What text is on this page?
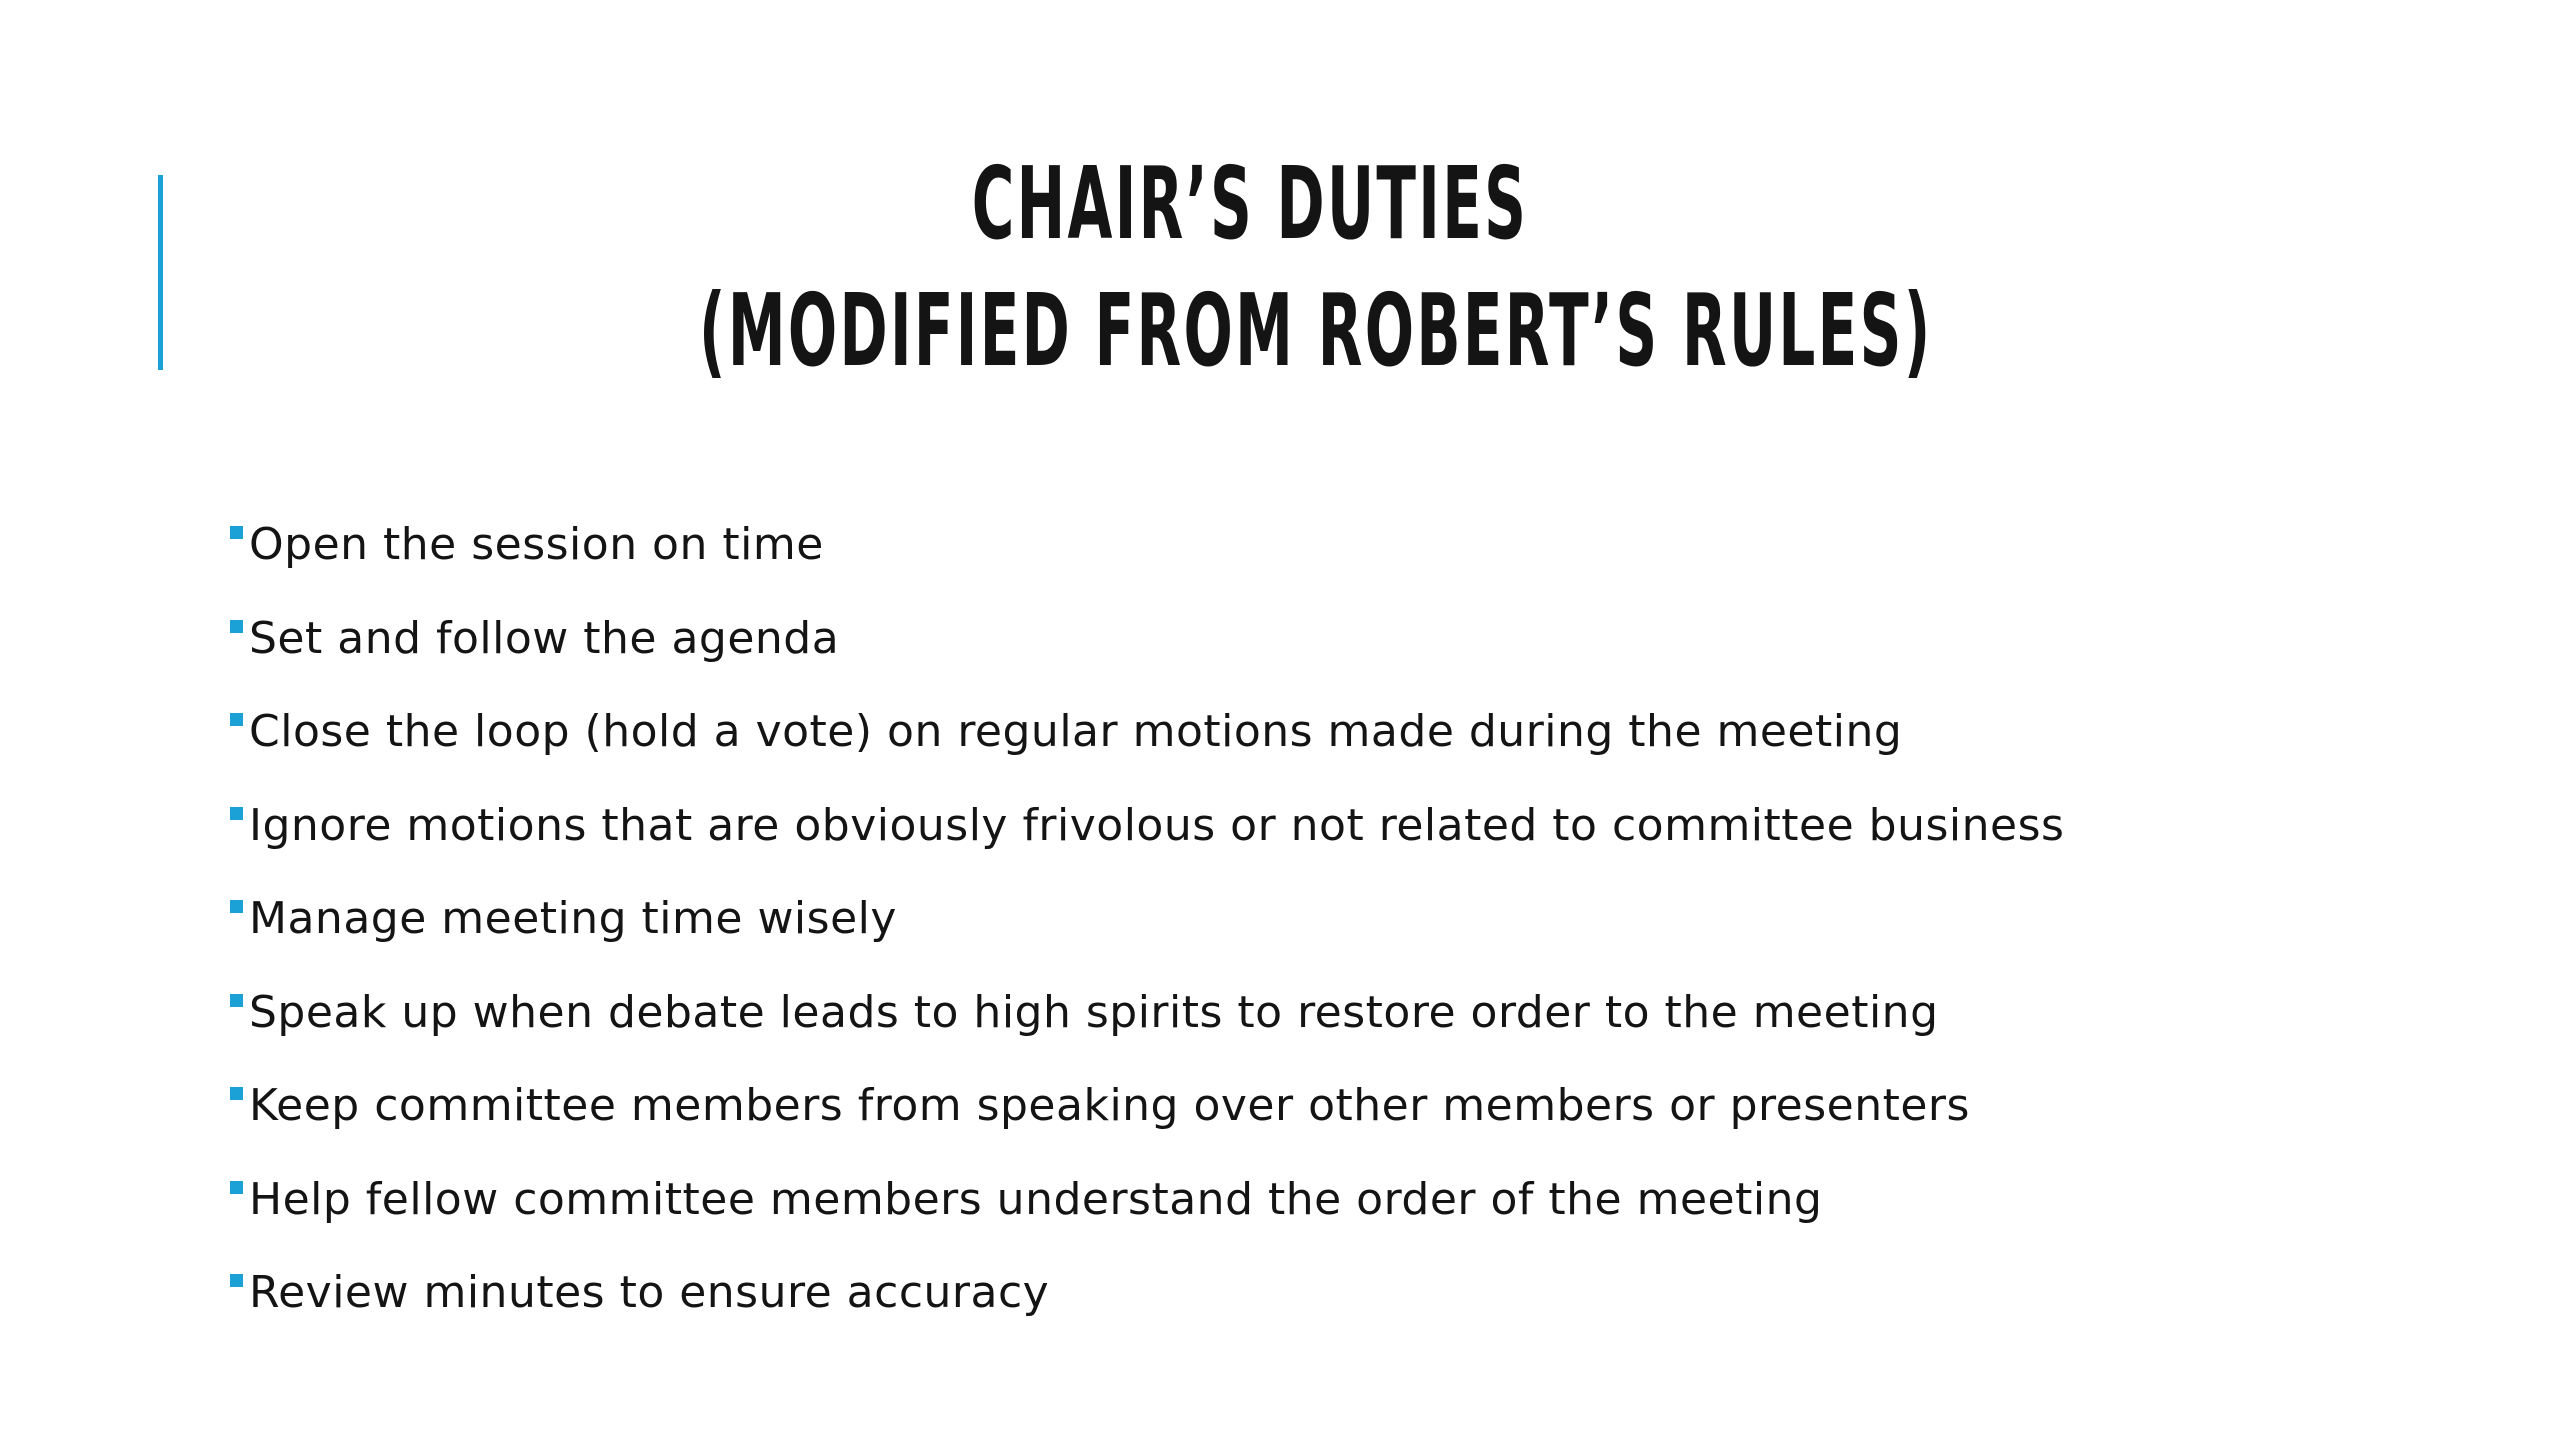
CHAIR’S DUTIES
(MODIFIED FROM ROBERT’S RULES)
Open the session on time
Set and follow the agenda
Close the loop (hold a vote) on regular motions made during the meeting
Ignore motions that are obviously frivolous or not related to committee business
Manage meeting time wisely
Speak up when debate leads to high spirits to restore order to the meeting
Keep committee members from speaking over other members or presenters
Help fellow committee members understand the order of the meeting
Review minutes to ensure accuracy
